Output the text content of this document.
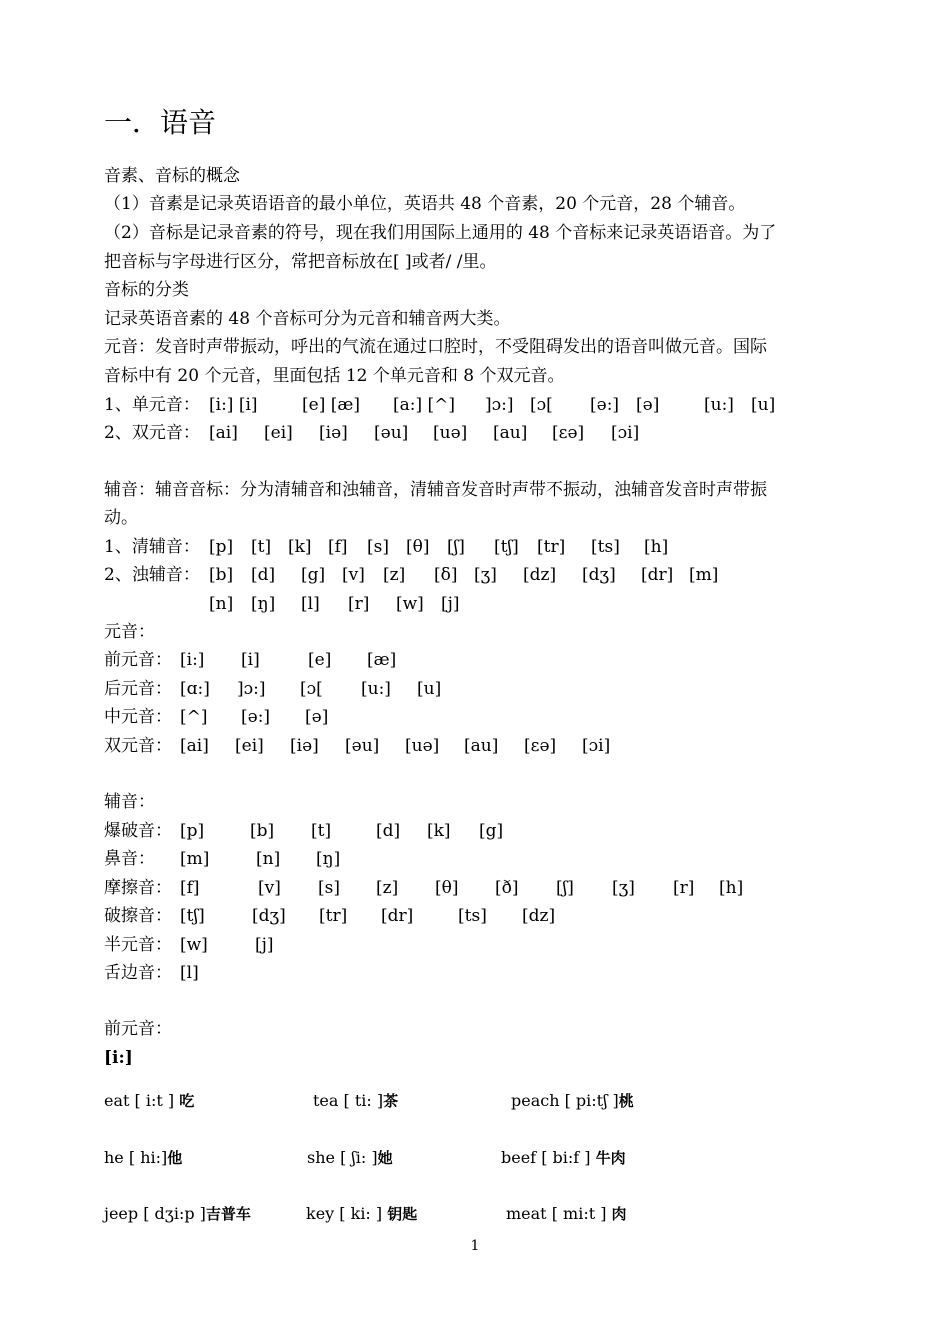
一．语音
音素、音标的概念
（1）音素是记录英语语音的最小单位，英语共 48 个音素，20 个元音，28 个辅音。
（2）音标是记录音素的符号，现在我们用国际上通用的 48 个音标来记录英语语音。为了
把音标与字母进行区分，常把音标放在[ ]或者/ /里。
音标的分类
记录英语音素的 48 个音标可分为元音和辅音两大类。
元音：发音时声带振动，呼出的气流在通过口腔时，不受阻碍发出的语音叫做元音。国际
音标中有 20 个元音，里面包括 12 个单元音和 8 个双元音。
1、单元音： [i:] [i]	[e] [æ] [a:] [^] ]ɔ:] [ɔ[ [ə:] [ə]	[u:] [u]
2、双元音： [ai] [ei] [iə] [əu] [uə] [au] [εə] [ɔi]
辅音：辅音音标：分为清辅音和浊辅音，清辅音发音时声带不振动，浊辅音发音时声带振
动。
1、清辅音： [p] [t] [k] [f] [s] [θ] [ʃ] [tʃ] [tr] [ts] [h]
2、浊辅音： [b] [d] [g] [v] [z] [δ] [ʒ] [dz] [dʒ] [dr] [m]
[n] [ŋ] [l] [r] [w] [j]
元音：
前元音： [i:] [i]	[e] [æ]
后元音： [ɑ:] ]ɔ:] [ɔ[ [u:] [u]
中元音： [^] [ə:] [ə]
双元音： [ai] [ei] [iə] [əu] [uə] [au] [εə] [ɔi]
辅音：
爆破音： [p]	[b] [t]	[d] [k] [g]
鼻音： [m]	[n] [ŋ]
摩擦音： [f]	[v] [s] [z] [θ] [ð] [ʃ] [ʒ] [r] [h]
破擦音： [tʃ]	[dʒ] [tr] [dr]	[ts] [dz]
半元音： [w]	[j]
舌边音： [l]
前元音：
[i:]
eat [ i:t ] 吃	tea [ ti: ]茶	peach [ pi:tʃ ]桃
he [ hi:]他	she [ ʃi: ]她	beef [ bi:f ] 牛肉
jeep [ dʒi:p ]吉普车	key [ ki: ] 钥匙	meat [ mi:t ] 肉
1
